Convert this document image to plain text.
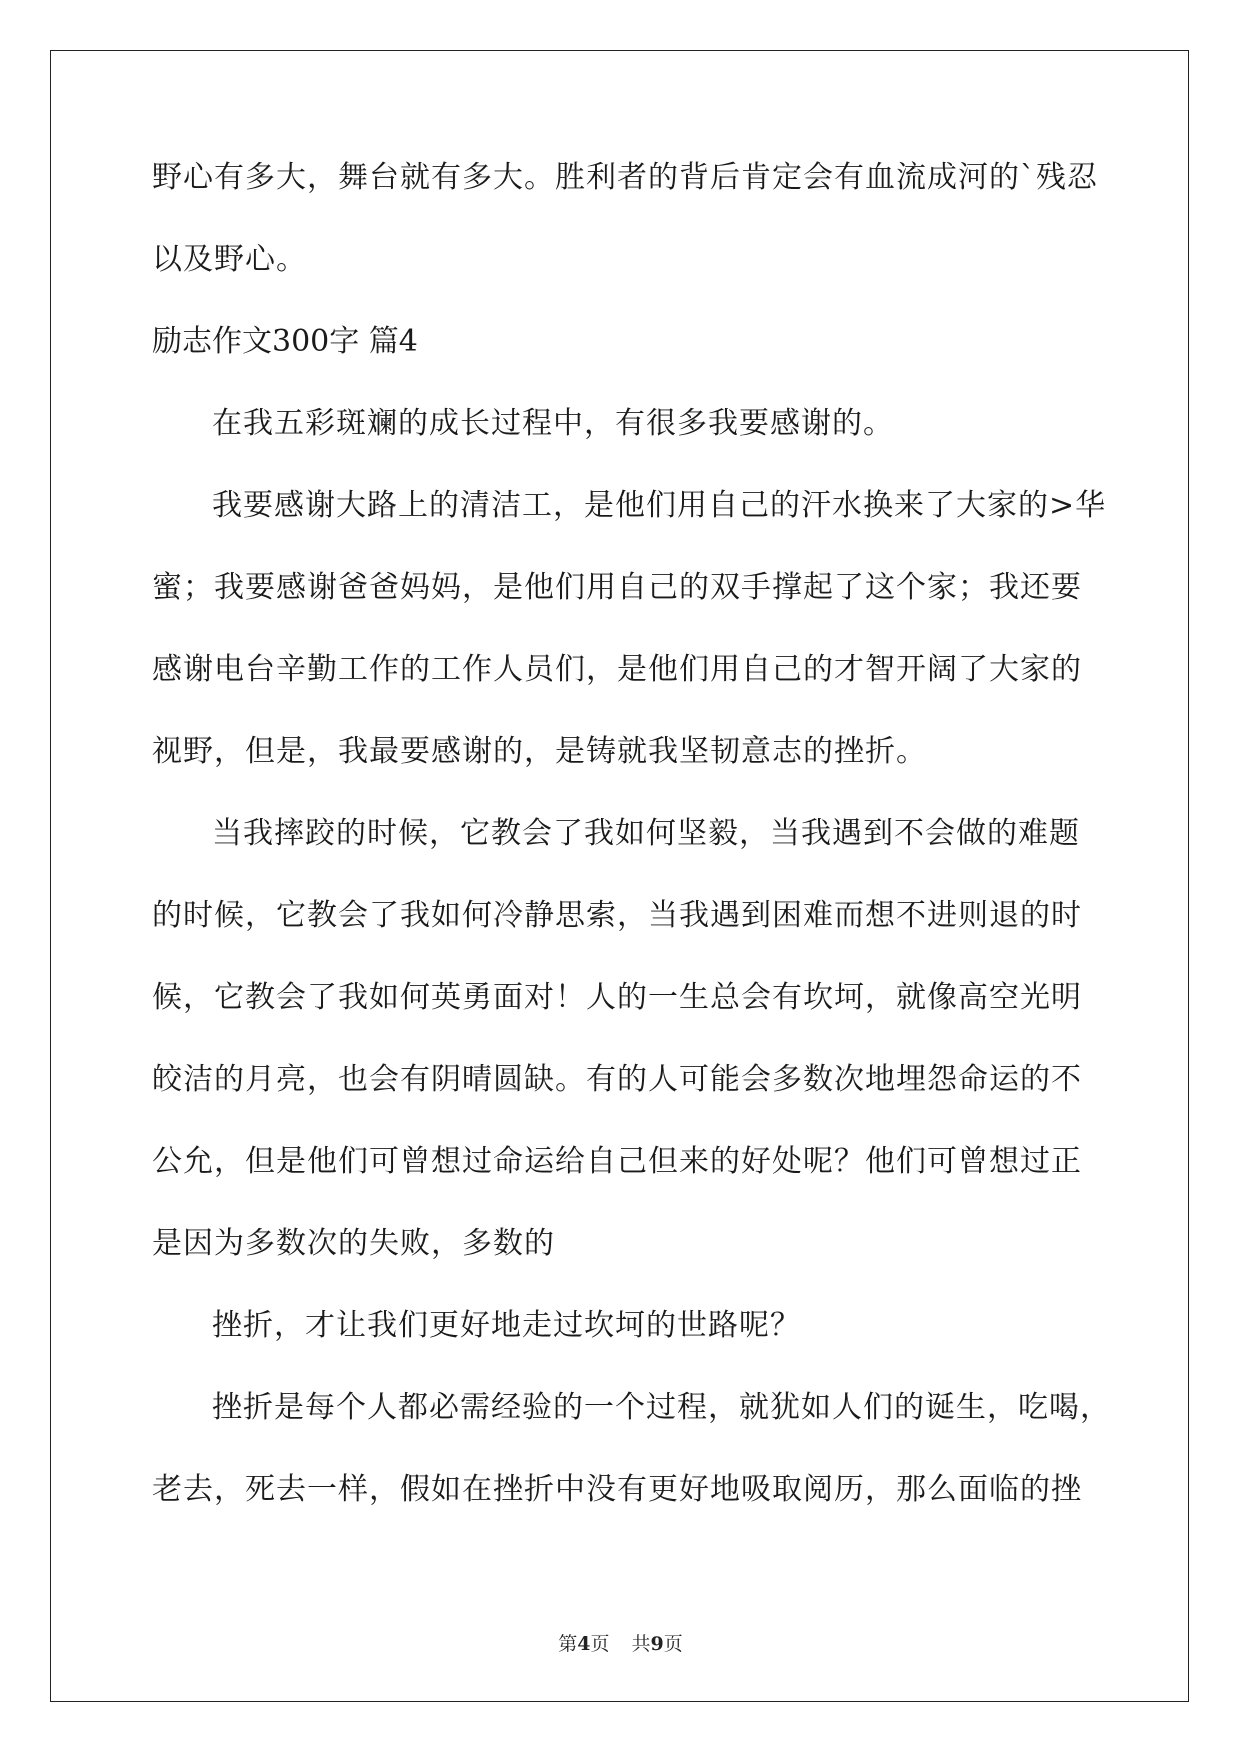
野心有多大，舞台就有多大。胜利者的背后肯定会有血流成河的`残忍
以及野心。
励志作文300字 篇4
在我五彩斑斓的成长过程中，有很多我要感谢的。
我要感谢大路上的清洁工，是他们用自己的汗水换来了大家的>华
蜜；我要感谢爸爸妈妈，是他们用自己的双手撑起了这个家；我还要
感谢电台辛勤工作的工作人员们，是他们用自己的才智开阔了大家的
视野，但是，我最要感谢的，是铸就我坚韧意志的挫折。
当我摔跤的时候，它教会了我如何坚毅，当我遇到不会做的难题
的时候，它教会了我如何冷静思索，当我遇到困难而想不进则退的时
候，它教会了我如何英勇面对！人的一生总会有坎坷，就像高空光明
皎洁的月亮，也会有阴晴圆缺。有的人可能会多数次地埋怨命运的不
公允，但是他们可曾想过命运给自己但来的好处呢？他们可曾想过正
是因为多数次的失败，多数的
挫折，才让我们更好地走过坎坷的世路呢？
挫折是每个人都必需经验的一个过程，就犹如人们的诞生，吃喝，
老去，死去一样，假如在挫折中没有更好地吸取阅历，那么面临的挫
第4页 共9页
